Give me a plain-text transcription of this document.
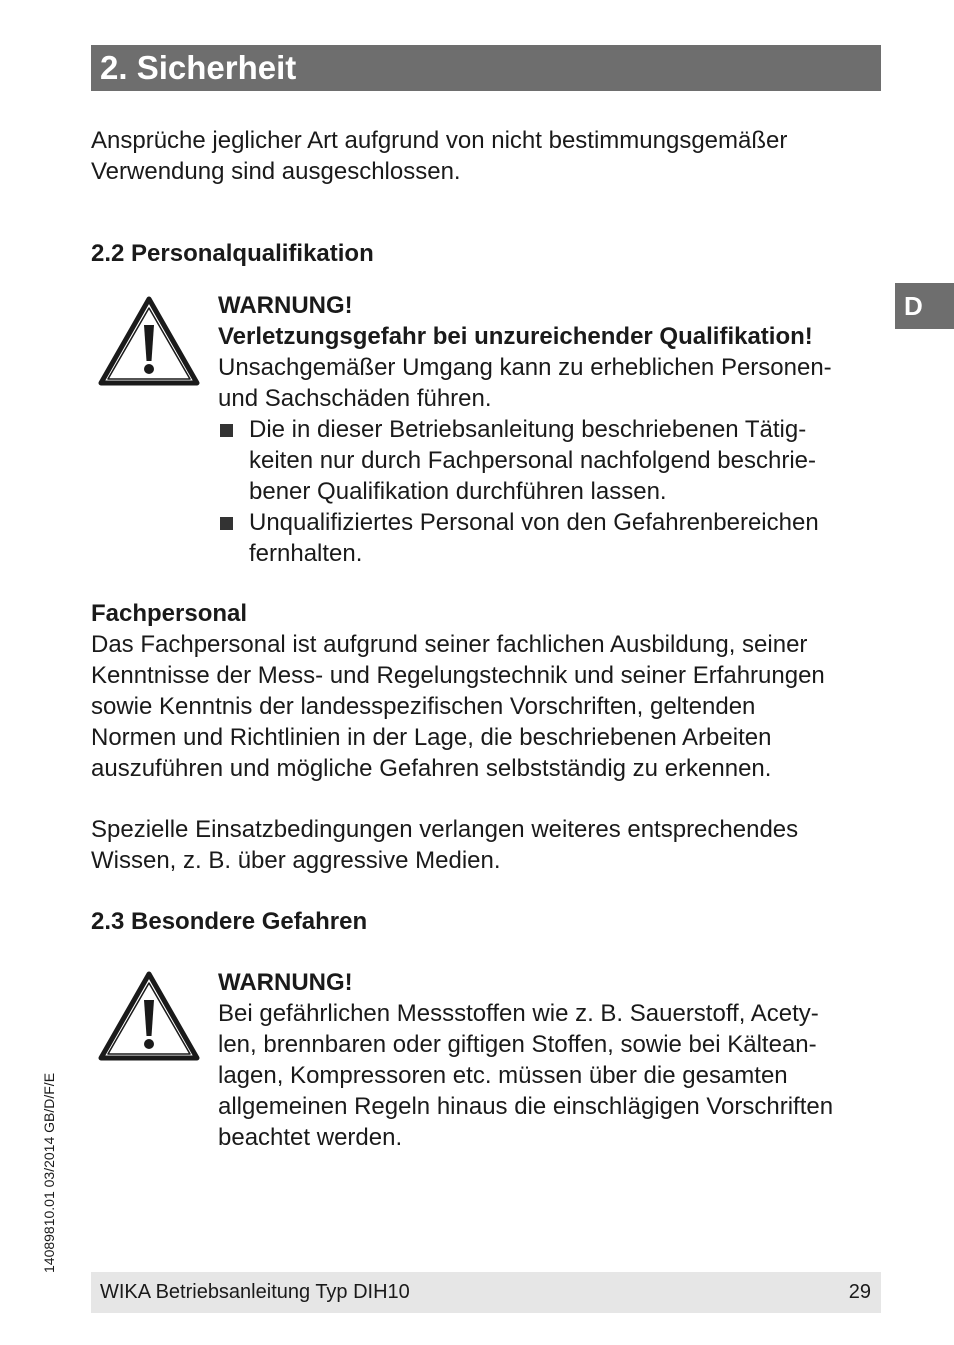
2. Sicherheit
D

Ansprüche jeglicher Art aufgrund von nicht bestimmungsgemäßer

Verwendung sind ausgeschlossen.

2.2 Personalqualifikation

WARNUNG!

Verletzungsgefahr bei unzureichender Qualifikation!

Unsachgemäßer Umgang kann zu erheblichen Personen-

und Sachschäden führen.

Die in dieser Betriebsanleitung beschriebenen Tätig-

keiten nur durch Fachpersonal nachfolgend beschrie-

bener Qualifikation durchführen lassen.

Unqualifiziertes Personal von den Gefahrenbereichen

fernhalten.

Fachpersonal

Das Fachpersonal ist aufgrund seiner fachlichen Ausbildung, seiner

Kenntnisse der Mess- und Regelungstechnik und seiner Erfahrungen

sowie Kenntnis der landesspezifischen Vorschriften, geltenden

Normen und Richtlinien in der Lage, die beschriebenen Arbeiten

auszuführen und mögliche Gefahren selbstständig zu erkennen.

Spezielle Einsatzbedingungen verlangen weiteres entsprechendes

Wissen, z. B. über aggressive Medien.

2.3 Besondere Gefahren

WARNUNG!

Bei gefährlichen Messstoffen wie z. B. Sauerstoff, Acety-

len, brennbaren oder giftigen Stoffen, sowie bei Kältean-

lagen, Kompressoren etc. müssen über die gesamten

allgemeinen Regeln hinaus die einschlägigen Vorschriften

beachtet werden.

14089810.01 03/2014 GB/D/F/E
WIKA Betriebsanleitung Typ DIH10	29
